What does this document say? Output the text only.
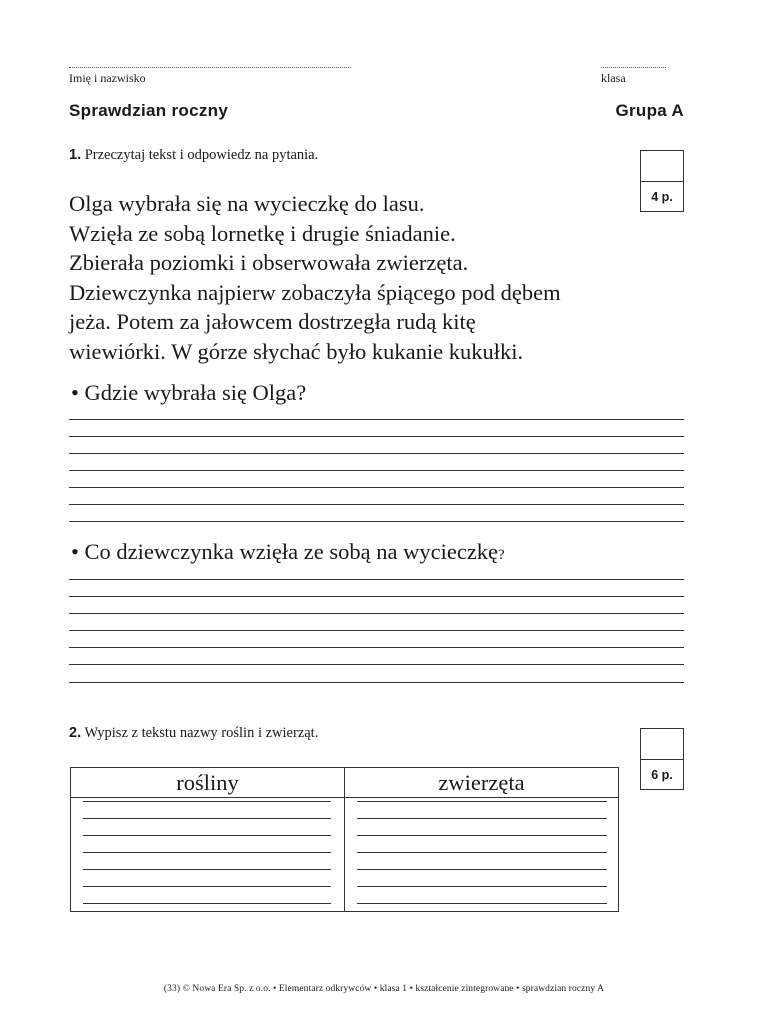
Imię i nazwisko	klasa
Sprawdzian roczny	Grupa A
1. Przeczytaj tekst i odpowiedz na pytania.
4 p.
Olga wybrała się na wycieczkę do lasu.
Wzięła ze sobą lornetkę i drugie śniadanie.
Zbierała poziomki i obserwowała zwierzęta.
Dziewczynka najpierw zobaczyła śpiącego pod dębem
jeża. Potem za jałowcem dostrzegła rudą kitę
wiewiórki. W górze słychać było kukanie kukułki.
• Gdzie wybrała się Olga?
• Co dziewczynka wzięła ze sobą na wycieczkę?
2. Wypisz z tekstu nazwy roślin i zwierząt.
6 p.
rośliny	zwierzęta
(33) © Nowa Era Sp. z o.o. • Elementarz odkrywców • klasa 1 • kształcenie zintegrowane • sprawdzian roczny A
